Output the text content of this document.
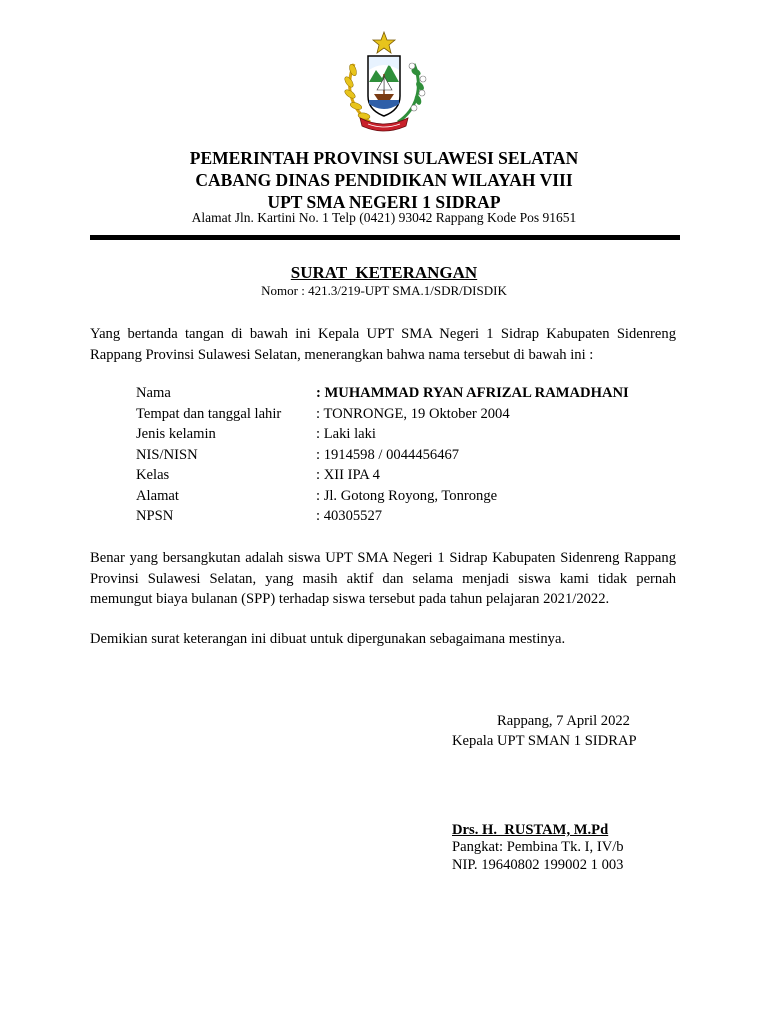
PEMERINTAH PROVINSI SULAWESI SELATAN
CABANG DINAS PENDIDIKAN WILAYAH VIII
UPT SMA NEGERI 1 SIDRAP
Alamat Jln. Kartini No. 1 Telp (0421) 93042 Rappang Kode Pos 91651
SURAT  KETERANGAN
Nomor : 421.3/219-UPT SMA.1/SDR/DISDIK
Yang bertanda tangan di bawah ini Kepala UPT SMA Negeri 1 Sidrap Kabupaten Sidenreng Rappang Provinsi Sulawesi Selatan, menerangkan bahwa nama tersebut di bawah ini :
Nama	: MUHAMMAD RYAN AFRIZAL RAMADHANI
Tempat dan tanggal lahir : TONRONGE, 19 Oktober 2004
Jenis kelamin	: Laki laki
NIS/NISN	: 1914598 / 0044456467
Kelas	: XII IPA 4
Alamat	: Jl. Gotong Royong, Tonronge
NPSN	: 40305527
Benar yang bersangkutan adalah siswa UPT SMA Negeri 1 Sidrap Kabupaten Sidenreng Rappang Provinsi Sulawesi Selatan, yang masih aktif dan selama menjadi siswa kami tidak pernah memungut biaya bulanan (SPP) terhadap siswa tersebut pada tahun pelajaran 2021/2022.
Demikian surat keterangan ini dibuat untuk dipergunakan sebagaimana mestinya.
Rappang, 7 April 2022
Kepala UPT SMAN 1 SIDRAP
Drs. H.  RUSTAM, M.Pd
Pangkat: Pembina Tk. I, IV/b
NIP. 19640802 199002 1 003
